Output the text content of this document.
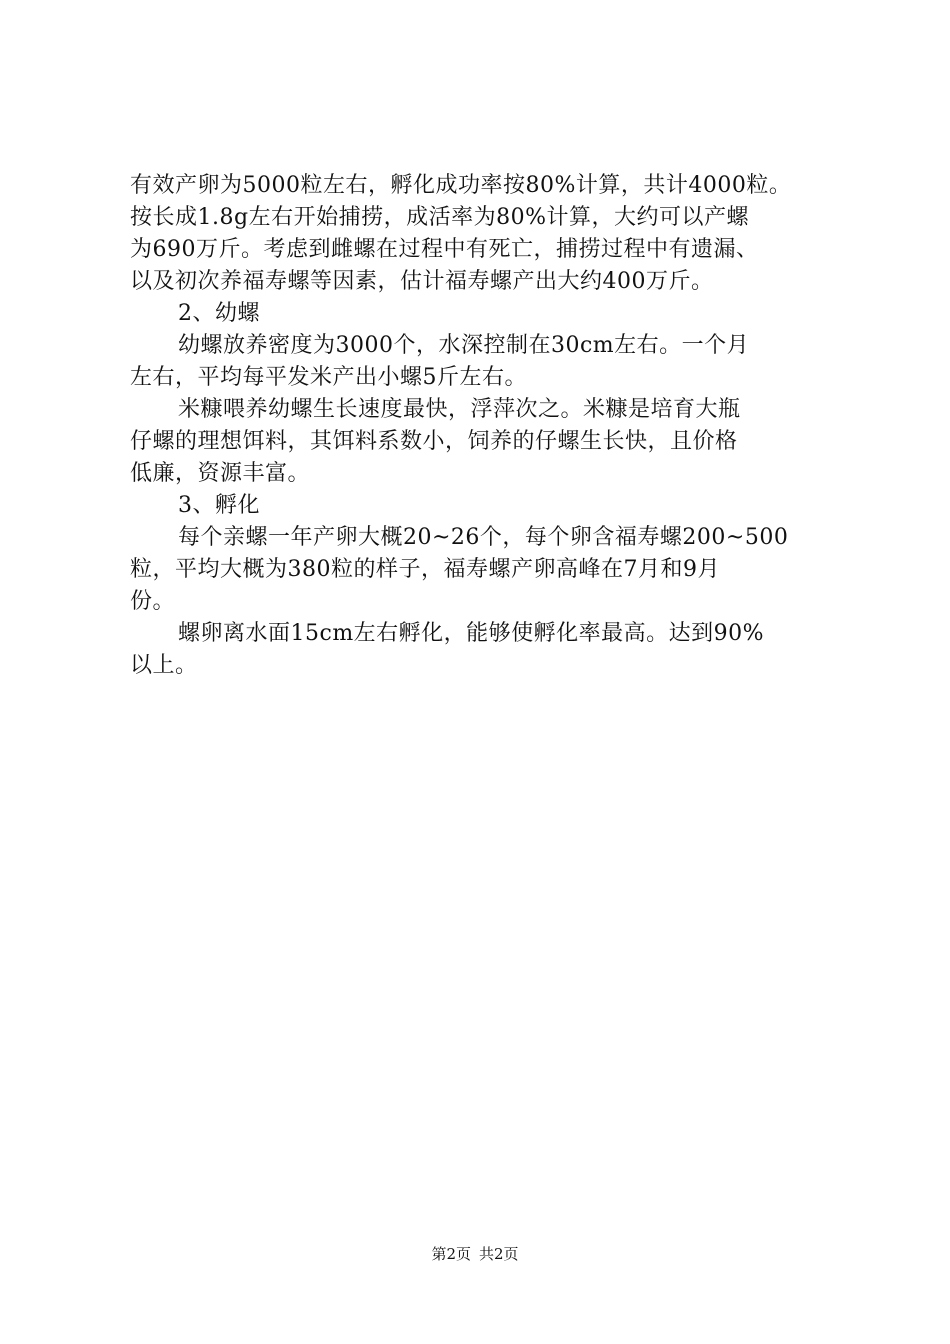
有效产卵为5000粒左右，孵化成功率按80%计算，共计4000粒。
按长成1.8g左右开始捕捞，成活率为80%计算，大约可以产螺
为690万斤。考虑到雌螺在过程中有死亡，捕捞过程中有遗漏、
以及初次养福寿螺等因素，估计福寿螺产出大约400万斤。
2、幼螺
幼螺放养密度为3000个，水深控制在30cm左右。一个月
左右，平均每平发米产出小螺5斤左右。
米糠喂养幼螺生长速度最快，浮萍次之。米糠是培育大瓶
仔螺的理想饵料，其饵料系数小，饲养的仔螺生长快，且价格
低廉，资源丰富。
3、孵化
每个亲螺一年产卵大概20~26个，每个卵含福寿螺200~500
粒，平均大概为380粒的样子，福寿螺产卵高峰在7月和9月
份。
螺卵离水面15cm左右孵化，能够使孵化率最高。达到90%
以上。
第2页 共2页
